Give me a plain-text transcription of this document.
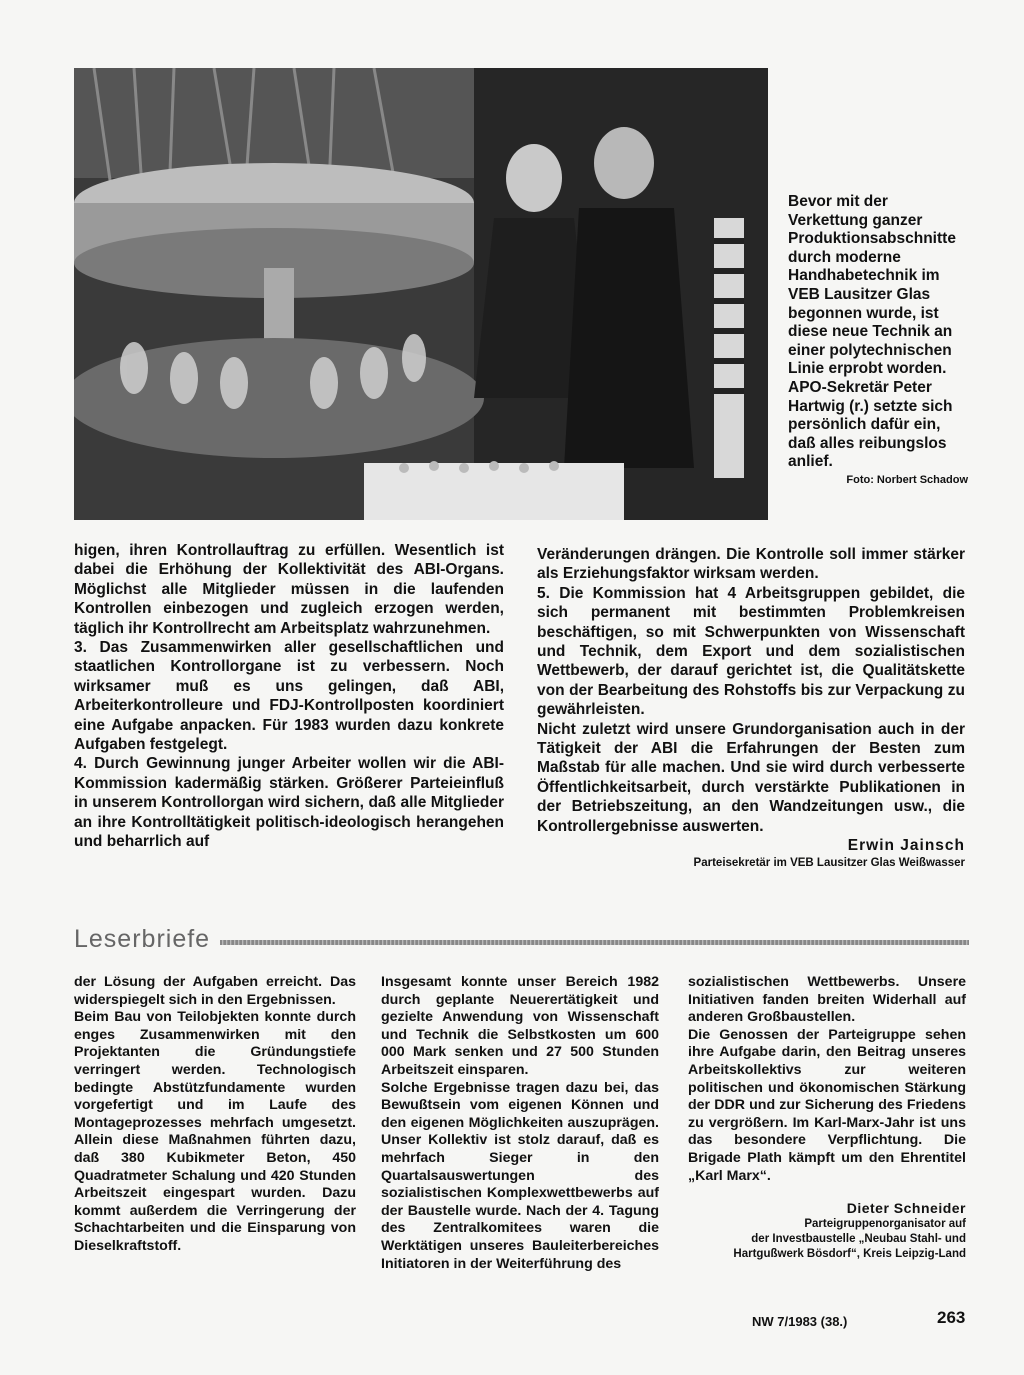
Bevor mit der Verkettung ganzer Produktionsabschnitte durch moderne Handhabetechnik im VEB Lausitzer Glas begonnen wurde, ist diese neue Technik an einer polytechnischen Linie erprobt worden. APO-Sekretär Peter Hartwig (r.) setzte sich persönlich dafür ein, daß alles reibungslos anlief.
Foto: Norbert Schadow

higen, ihren Kontrollauftrag zu erfüllen. Wesentlich ist dabei die Erhöhung der Kollektivität des ABI-Organs. Möglichst alle Mitglieder müssen in die laufenden Kontrollen einbezogen und zugleich erzogen werden, täglich ihr Kontrollrecht am Arbeitsplatz wahrzunehmen.

3. Das Zusammenwirken aller gesellschaftlichen und staatlichen Kontrollorgane ist zu verbessern. Noch wirksamer muß es uns gelingen, daß ABI, Arbeiterkontrolleure und FDJ-Kontrollposten koordiniert eine Aufgabe anpacken. Für 1983 wurden dazu konkrete Aufgaben festgelegt.

4. Durch Gewinnung junger Arbeiter wollen wir die ABI-Kommission kadermäßig stärken. Größerer Parteieinfluß in unserem Kontrollorgan wird sichern, daß alle Mitglieder an ihre Kontrolltätigkeit politisch-ideologisch herangehen und beharrlich auf

Veränderungen drängen. Die Kontrolle soll immer stärker als Erziehungsfaktor wirksam werden.

5. Die Kommission hat 4 Arbeitsgruppen gebildet, die sich permanent mit bestimmten Problemkreisen beschäftigen, so mit Schwerpunkten von Wissenschaft und Technik, dem Export und dem sozialistischen Wettbewerb, der darauf gerichtet ist, die Qualitätskette von der Bearbeitung des Rohstoffs bis zur Verpackung zu gewährleisten.

Nicht zuletzt wird unsere Grundorganisation auch in der Tätigkeit der ABI die Erfahrungen der Besten zum Maßstab für alle machen. Und sie wird durch verbesserte Öffentlichkeitsarbeit, durch verstärkte Publikationen in der Betriebszeitung, an den Wandzeitungen usw., die Kontrollergebnisse auswerten.

Erwin Jainsch

Parteisekretär im VEB Lausitzer Glas Weißwasser

Leserbriefe

der Lösung der Aufgaben erreicht. Das widerspiegelt sich in den Ergebnissen.

Beim Bau von Teilobjekten konnte durch enges Zusammenwirken mit den Projektanten die Gründungstiefe verringert werden. Technologisch bedingte Abstützfundamente wurden vorgefertigt und im Laufe des Montageprozesses mehrfach umgesetzt. Allein diese Maßnahmen führten dazu, daß 380 Kubikmeter Beton, 450 Quadratmeter Schalung und 420 Stunden Arbeitszeit eingespart wurden. Dazu kommt außerdem die Verringerung der Schachtarbeiten und die Einsparung von Dieselkraftstoff.

Insgesamt konnte unser Bereich 1982 durch geplante Neuerertätigkeit und gezielte Anwendung von Wissenschaft und Technik die Selbstkosten um 600 000 Mark senken und 27 500 Stunden Arbeitszeit einsparen.

Solche Ergebnisse tragen dazu bei, das Bewußtsein vom eigenen Können und den eigenen Möglichkeiten auszuprägen. Unser Kollektiv ist stolz darauf, daß es mehrfach Sieger in den Quartalsauswertungen des sozialistischen Komplexwettbewerbs auf der Baustelle wurde. Nach der 4. Tagung des Zentralkomitees waren die Werktätigen unseres Bauleiterbereiches Initiatoren in der Weiterführung des

sozialistischen Wettbewerbs. Unsere Initiativen fanden breiten Widerhall auf anderen Großbaustellen.

Die Genossen der Parteigruppe sehen ihre Aufgabe darin, den Beitrag unseres Arbeitskollektivs zur weiteren politischen und ökonomischen Stärkung der DDR und zur Sicherung des Friedens zu vergrößern. Im Karl-Marx-Jahr ist uns das besondere Verpflichtung. Die Brigade Plath kämpft um den Ehrentitel „Karl Marx“.

Dieter Schneider
Parteigruppenorganisator auf
der Investbaustelle „Neubau Stahl- und
Hartgußwerk Bösdorf“, Kreis Leipzig-Land
NW 7/1983 (38.)	263
